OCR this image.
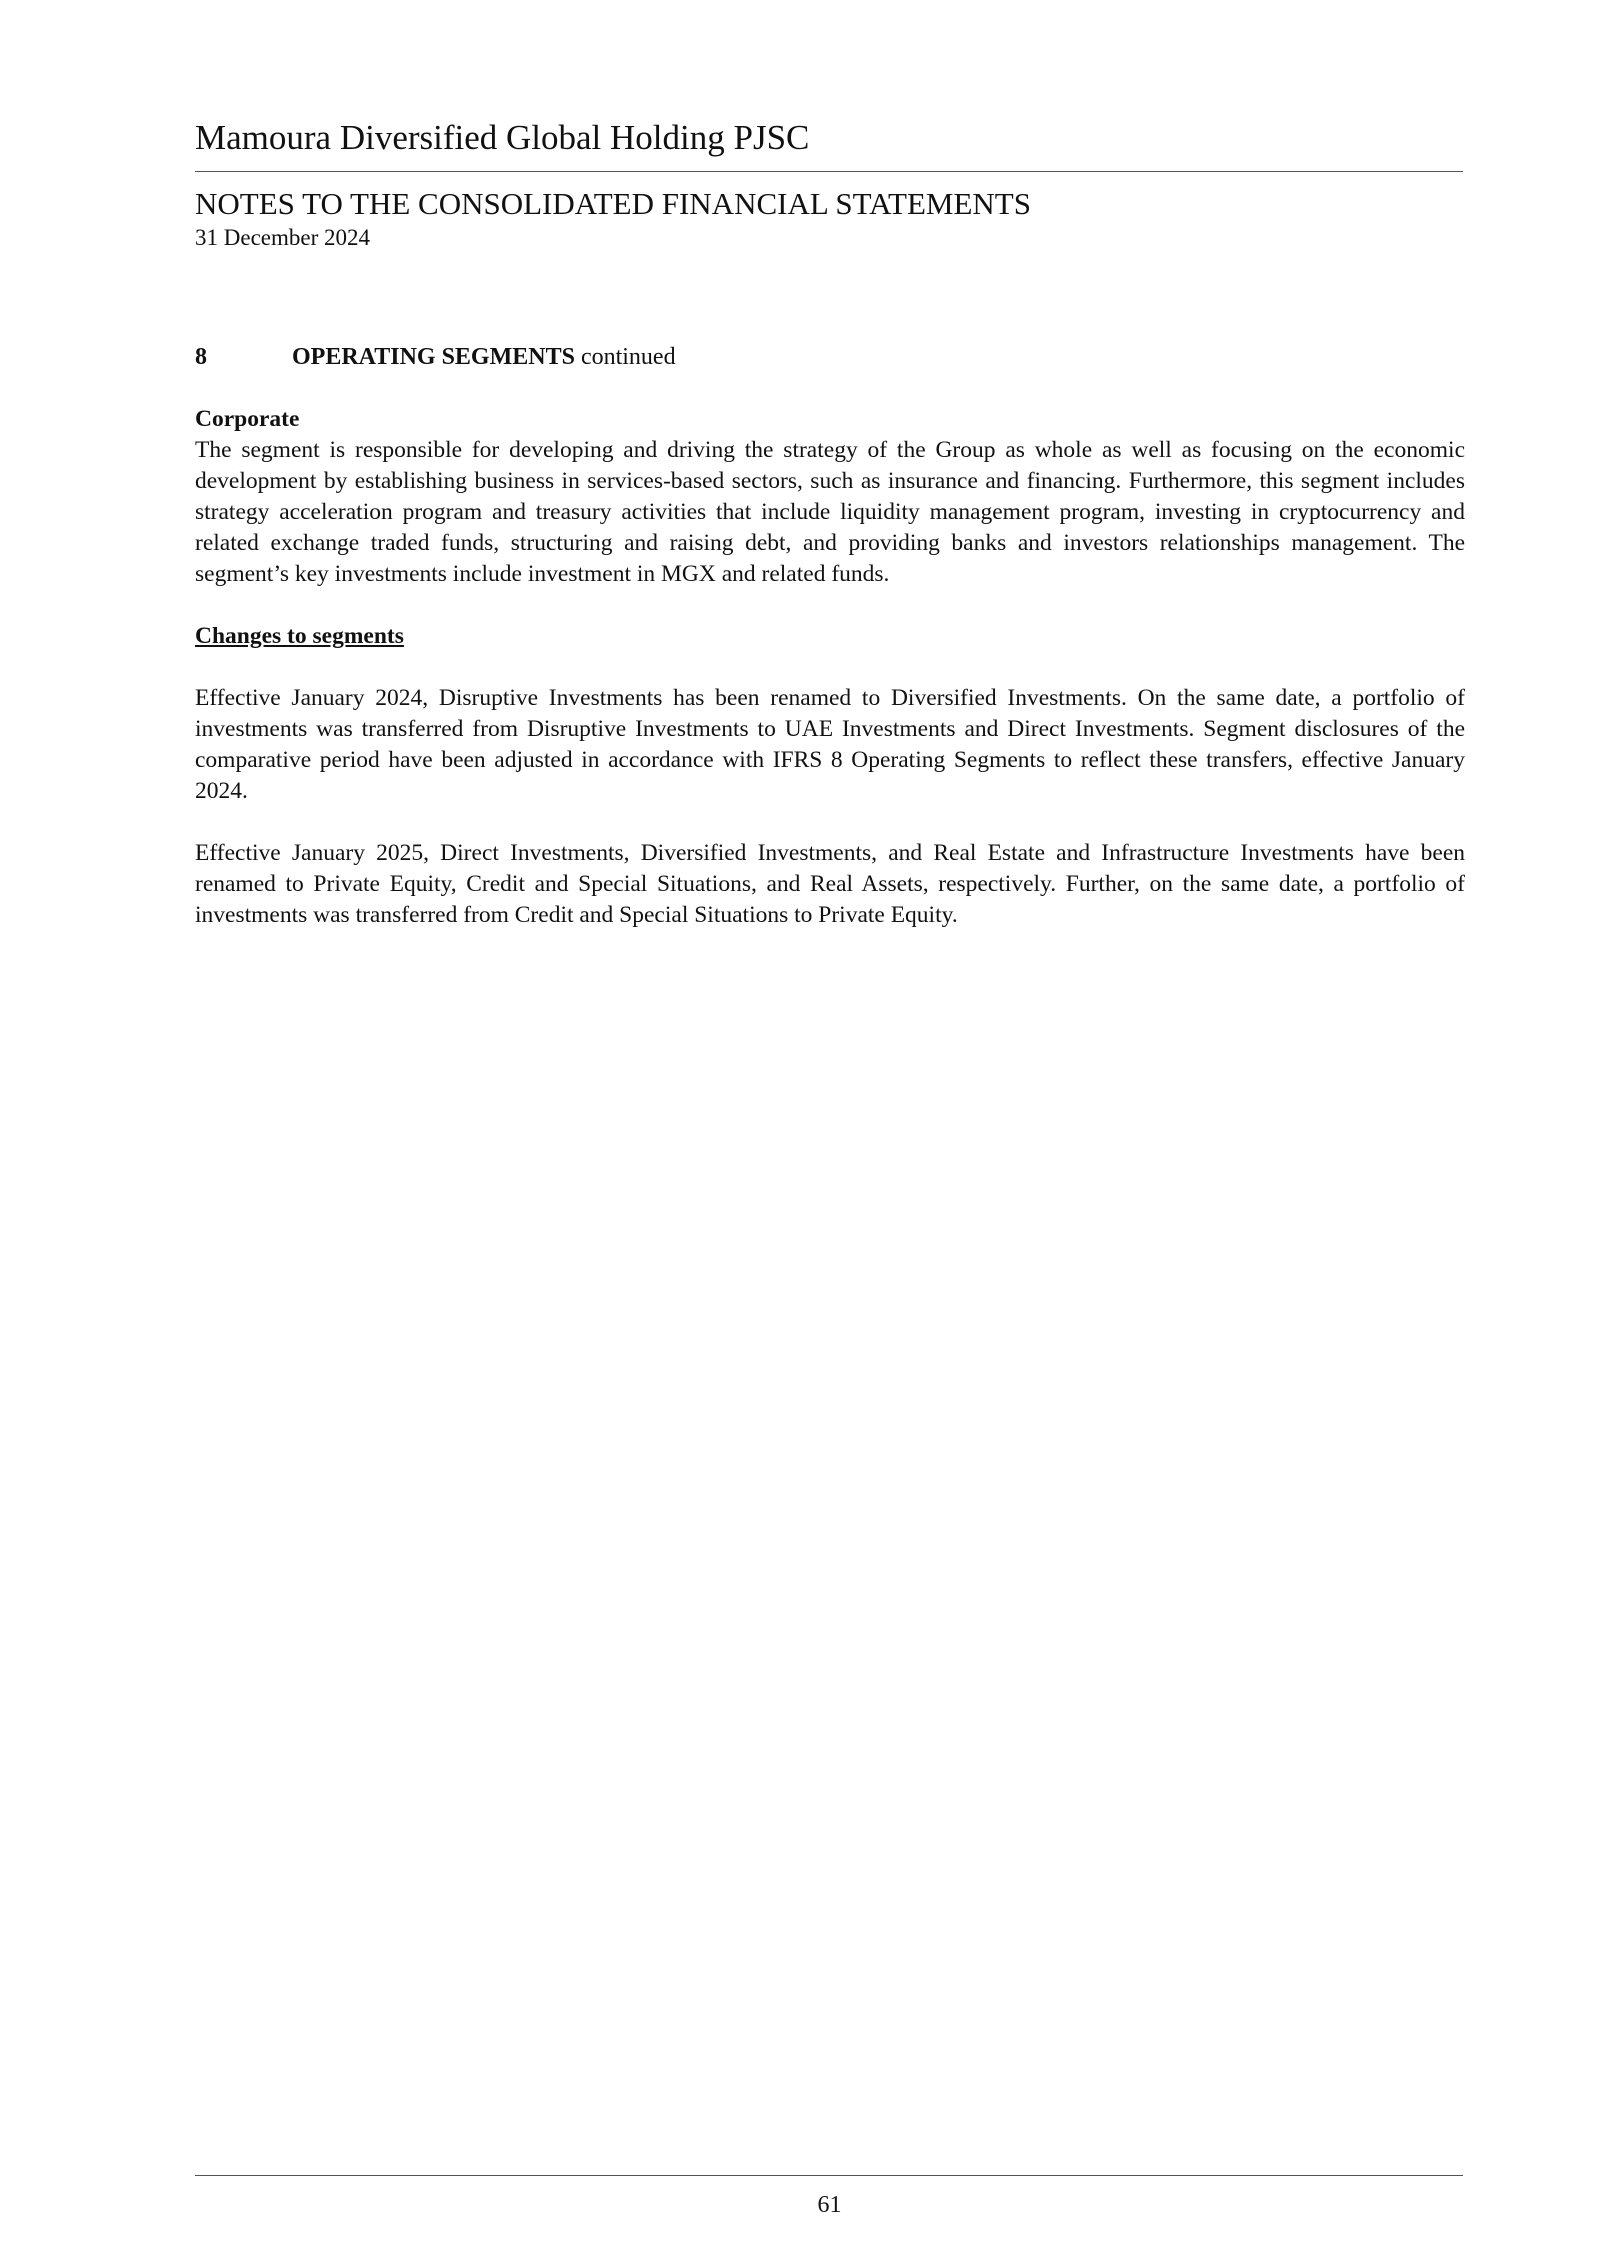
Mamoura Diversified Global Holding PJSC
NOTES TO THE CONSOLIDATED FINANCIAL STATEMENTS
31 December 2024
8	OPERATING SEGMENTS continued

Corporate

The segment is responsible for developing and driving the strategy of the Group as whole as well as focusing on the economic development by establishing business in services-based sectors, such as insurance and financing. Furthermore, this segment includes strategy acceleration program and treasury activities that include liquidity management program, investing in cryptocurrency and related exchange traded funds, structuring and raising debt, and providing banks and investors relationships management. The segment’s key investments include investment in MGX and related funds.

Changes to segments

Effective January 2024, Disruptive Investments has been renamed to Diversified Investments. On the same date, a portfolio of investments was transferred from Disruptive Investments to UAE Investments and Direct Investments. Segment disclosures of the comparative period have been adjusted in accordance with IFRS 8 Operating Segments to reflect these transfers, effective January 2024.

Effective January 2025, Direct Investments, Diversified Investments, and Real Estate and Infrastructure Investments have been renamed to Private Equity, Credit and Special Situations, and Real Assets, respectively. Further, on the same date, a portfolio of investments was transferred from Credit and Special Situations to Private Equity.

61
